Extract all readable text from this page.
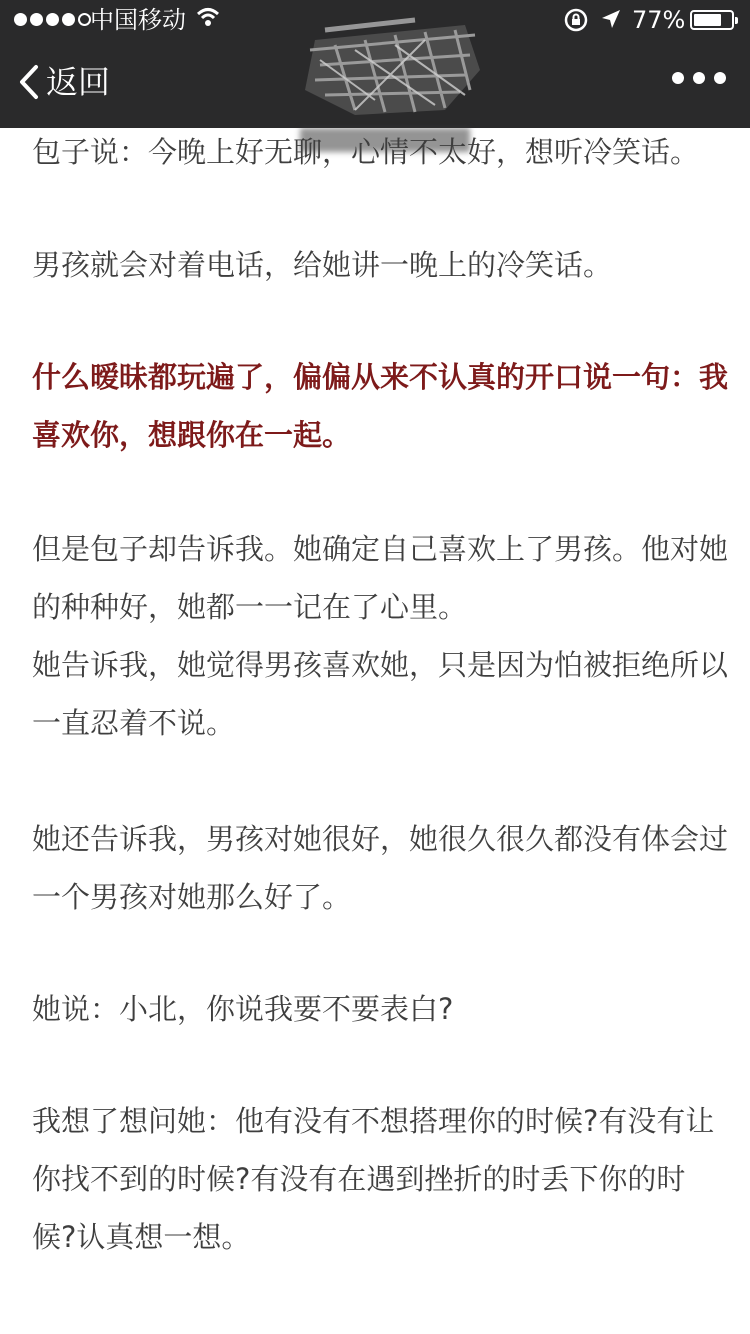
中国移动	77%
返回

包子说：今晚上好无聊，心情不太好，想听冷笑话。

男孩就会对着电话，给她讲一晚上的冷笑话。

什么暧昧都玩遍了，偏偏从来不认真的开口说一句：我

喜欢你，想跟你在一起。

但是包子却告诉我。她确定自己喜欢上了男孩。他对她

的种种好，她都一一记在了心里。

她告诉我，她觉得男孩喜欢她，只是因为怕被拒绝所以

一直忍着不说。

她还告诉我，男孩对她很好，她很久很久都没有体会过

一个男孩对她那么好了。

她说：小北，你说我要不要表白?

我想了想问她：他有没有不想搭理你的时候?有没有让

你找不到的时候?有没有在遇到挫折的时丢下你的时

候?认真想一想。
